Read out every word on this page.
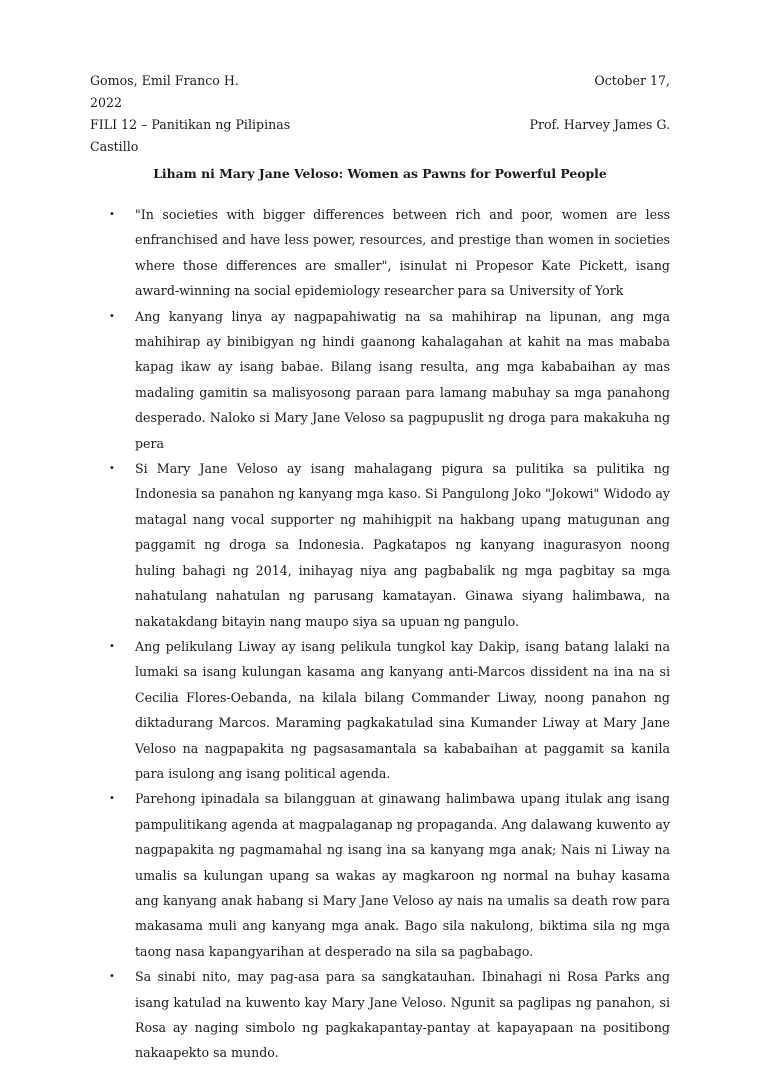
Gomos, Emil Franco H.	October 17,
2022
FILI 12 – Panitikan ng Pilipinas	Prof. Harvey James G.
Castillo
Liham ni Mary Jane Veloso: Women as Pawns for Powerful People
• "In societies with bigger differences between rich and poor, women are less enfranchised and have less power, resources, and prestige than women in societies where those differences are smaller", isinulat ni Propesor Kate Pickett, isang award-winning na social epidemiology researcher para sa University of York
• Ang kanyang linya ay nagpapahiwatig na sa mahihirap na lipunan, ang mga mahihirap ay binibigyan ng hindi gaanong kahalagahan at kahit na mas mababa kapag ikaw ay isang babae. Bilang isang resulta, ang mga kababaihan ay mas madaling gamitin sa malisyosong paraan para lamang mabuhay sa mga panahong desperado. Naloko si Mary Jane Veloso sa pagpupuslit ng droga para makakuha ng pera
• Si Mary Jane Veloso ay isang mahalagang pigura sa pulitika sa pulitika ng Indonesia sa panahon ng kanyang mga kaso. Si Pangulong Joko "Jokowi" Widodo ay matagal nang vocal supporter ng mahihigpit na hakbang upang matugunan ang paggamit ng droga sa Indonesia. Pagkatapos ng kanyang inagurasyon noong huling bahagi ng 2014, inihayag niya ang pagbabalik ng mga pagbitay sa mga nahatulang nahatulan ng parusang kamatayan. Ginawa siyang halimbawa, na nakatakdang bitayin nang maupo siya sa upuan ng pangulo.
• Ang pelikulang Liway ay isang pelikula tungkol kay Dakip, isang batang lalaki na lumaki sa isang kulungan kasama ang kanyang anti-Marcos dissident na ina na si Cecilia Flores-Oebanda, na kilala bilang Commander Liway, noong panahon ng diktadurang Marcos. Maraming pagkakatulad sina Kumander Liway at Mary Jane Veloso na nagpapakita ng pagsasamantala sa kababaihan at paggamit sa kanila para isulong ang isang political agenda.
• Parehong ipinadala sa bilangguan at ginawang halimbawa upang itulak ang isang pampulitikang agenda at magpalaganap ng propaganda. Ang dalawang kuwento ay nagpapakita ng pagmamahal ng isang ina sa kanyang mga anak; Nais ni Liway na umalis sa kulungan upang sa wakas ay magkaroon ng normal na buhay kasama ang kanyang anak habang si Mary Jane Veloso ay nais na umalis sa death row para makasama muli ang kanyang mga anak. Bago sila nakulong, biktima sila ng mga taong nasa kapangyarihan at desperado na sila sa pagbabago.
• Sa sinabi nito, may pag-asa para sa sangkatauhan. Ibinahagi ni Rosa Parks ang isang katulad na kuwento kay Mary Jane Veloso. Ngunit sa paglipas ng panahon, si Rosa ay naging simbolo ng pagkakapantay-pantay at kapayapaan na positibong nakaapekto sa mundo.
